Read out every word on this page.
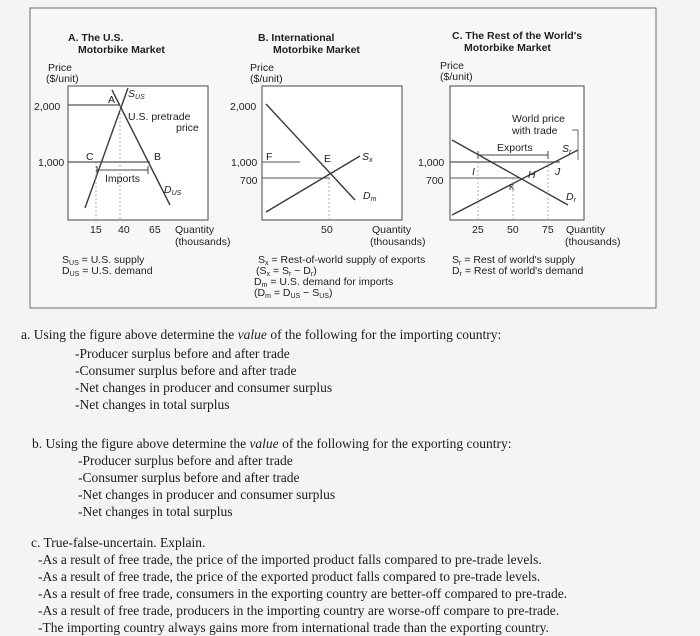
A. The U.S.
Motorbike Market
Price
($/unit)
2,000
1,000
A
C	B
SUS
DUS
U.S. pretrade
price
Imports
15 40 65 Quantity
(thousands)
SUS = U.S. supply
DUS = U.S. demand
B. International
Motorbike Market
Price
($/unit)
2,000
1,000
700
F	E	Sx
Dm
50	Quantity
(thousands)
Sx = Rest-of-world supply of exports
(Sx = Sr − Dr)
Dm = U.S. demand for imports
(Dm = DUS − SUS)
C. The Rest of the World's
Motorbike Market
Price
($/unit)
1,000
700
World price
with trade
Exports
I
K
H J
Sr
Dr
25 50 75 Quantity
(thousands)
Sr = Rest of world's supply
Dr = Rest of world's demand
a. Using the figure above determine the value of the following for the importing country:
-Producer surplus before and after trade
-Consumer surplus before and after trade
-Net changes in producer and consumer surplus
-Net changes in total surplus
b. Using the figure above determine the value of the following for the exporting country:
-Producer surplus before and after trade
-Consumer surplus before and after trade
-Net changes in producer and consumer surplus
-Net changes in total surplus
c. True-false-uncertain. Explain.
-As a result of free trade, the price of the imported product falls compared to pre-trade levels.
-As a result of free trade, the price of the exported product falls compared to pre-trade levels.
-As a result of free trade, consumers in the exporting country are better-off compared to pre-trade.
-As a result of free trade, producers in the importing country are worse-off compare to pre-trade.
-The importing country always gains more from international trade than the exporting country.
